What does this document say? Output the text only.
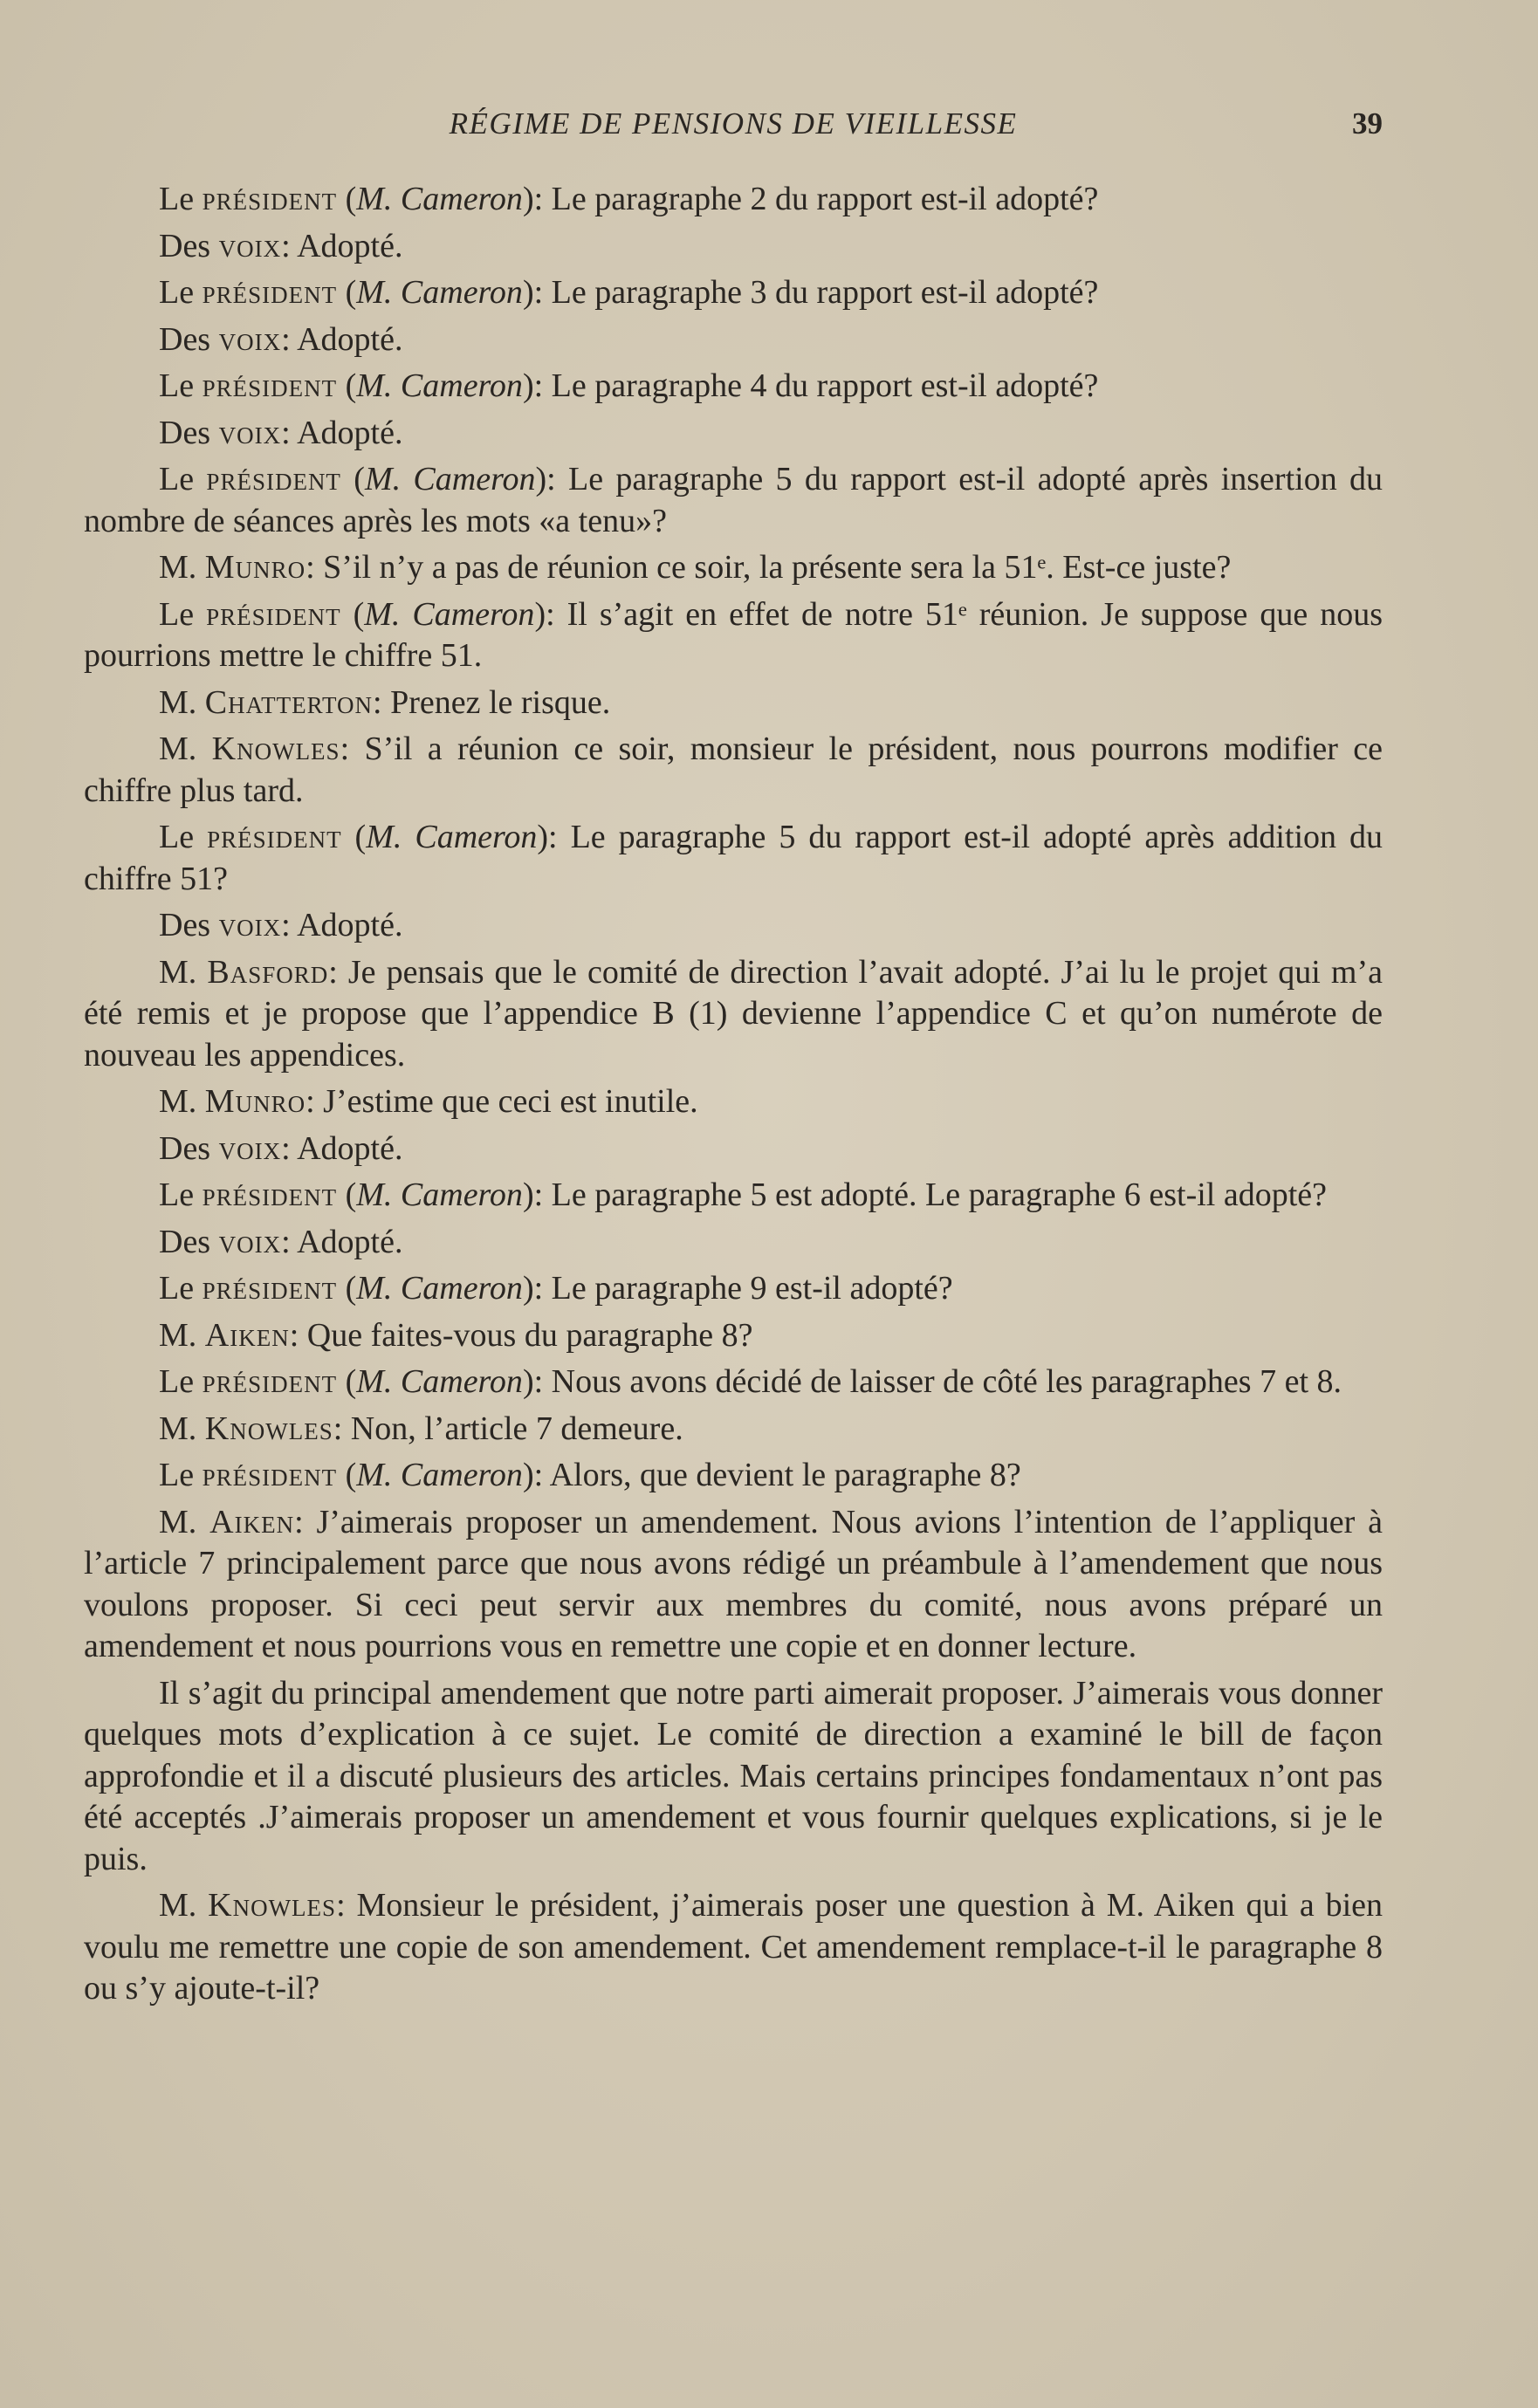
RÉGIME DE PENSIONS DE VIEILLESSE	39

Le président (M. Cameron): Le paragraphe 2 du rapport est-il adopté?

Des voix: Adopté.

Le président (M. Cameron): Le paragraphe 3 du rapport est-il adopté?

Des voix: Adopté.

Le président (M. Cameron): Le paragraphe 4 du rapport est-il adopté?

Des voix: Adopté.

Le président (M. Cameron): Le paragraphe 5 du rapport est-il adopté après insertion du nombre de séances après les mots «a tenu»?

M. Munro: S’il n’y a pas de réunion ce soir, la présente sera la 51ᵉ. Est-ce juste?

Le président (M. Cameron): Il s’agit en effet de notre 51ᵉ réunion. Je suppose que nous pourrions mettre le chiffre 51.

M. Chatterton: Prenez le risque.

M. Knowles: S’il a réunion ce soir, monsieur le président, nous pourrons modifier ce chiffre plus tard.

Le président (M. Cameron): Le paragraphe 5 du rapport est-il adopté après addition du chiffre 51?

Des voix: Adopté.

M. Basford: Je pensais que le comité de direction l’avait adopté. J’ai lu le projet qui m’a été remis et je propose que l’appendice B (1) devienne l’appendice C et qu’on numérote de nouveau les appendices.

M. Munro: J’estime que ceci est inutile.

Des voix: Adopté.

Le président (M. Cameron): Le paragraphe 5 est adopté. Le paragraphe 6 est-il adopté?

Des voix: Adopté.

Le président (M. Cameron): Le paragraphe 9 est-il adopté?

M. Aiken: Que faites-vous du paragraphe 8?

Le président (M. Cameron): Nous avons décidé de laisser de côté les paragraphes 7 et 8.

M. Knowles: Non, l’article 7 demeure.

Le président (M. Cameron): Alors, que devient le paragraphe 8?

M. Aiken: J’aimerais proposer un amendement. Nous avions l’intention de l’appliquer à l’article 7 principalement parce que nous avons rédigé un préambule à l’amendement que nous voulons proposer. Si ceci peut servir aux membres du comité, nous avons préparé un amendement et nous pourrions vous en remettre une copie et en donner lecture.

Il s’agit du principal amendement que notre parti aimerait proposer. J’aimerais vous donner quelques mots d’explication à ce sujet. Le comité de direction a examiné le bill de façon approfondie et il a discuté plusieurs des articles. Mais certains principes fondamentaux n’ont pas été acceptés .J’aimerais proposer un amendement et vous fournir quelques explications, si je le puis.

M. Knowles: Monsieur le président, j’aimerais poser une question à M. Aiken qui a bien voulu me remettre une copie de son amendement. Cet amendement remplace-t-il le paragraphe 8 ou s’y ajoute-t-il?
